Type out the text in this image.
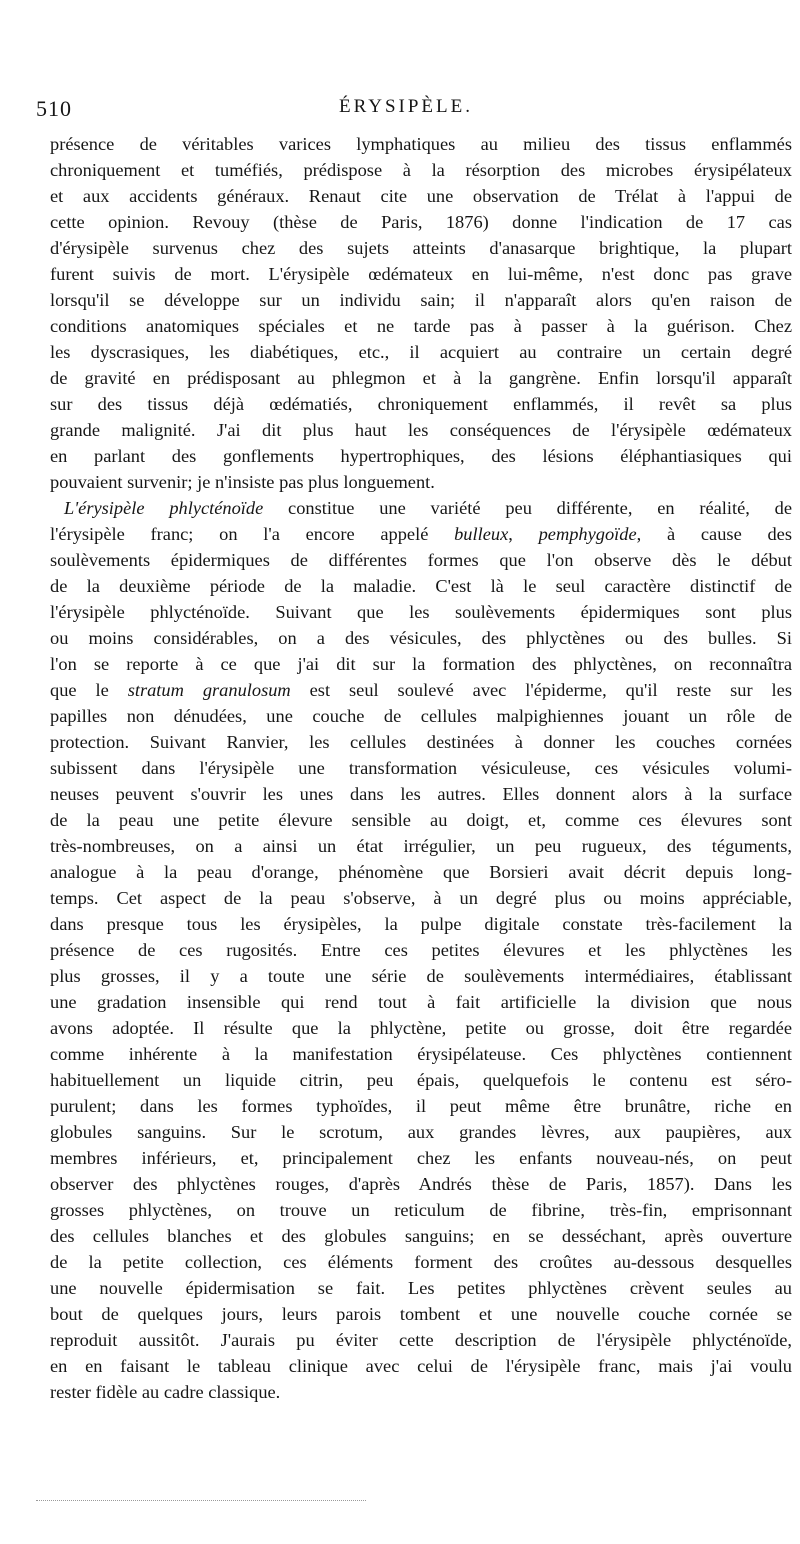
510	ÉRYSIPÈLE.
présence de véritables varices lymphatiques au milieu des tissus enflammés
chroniquement et tuméfiés, prédispose à la résorption des microbes érysipélateux
et aux accidents généraux. Renaut cite une observation de Trélat à l'appui de
cette opinion. Revouy (thèse de Paris, 1876) donne l'indication de 17 cas
d'érysipèle survenus chez des sujets atteints d'anasarque brightique, la plupart
furent suivis de mort. L'érysipèle œdémateux en lui-même, n'est donc pas grave
lorsqu'il se développe sur un individu sain; il n'apparaît alors qu'en raison de
conditions anatomiques spéciales et ne tarde pas à passer à la guérison. Chez
les dyscrasiques, les diabétiques, etc., il acquiert au contraire un certain degré
de gravité en prédisposant au phlegmon et à la gangrène. Enfin lorsqu'il apparaît
sur des tissus déjà œdématiés, chroniquement enflammés, il revêt sa plus
grande malignité. J'ai dit plus haut les conséquences de l'érysipèle œdémateux
en parlant des gonflements hypertrophiques, des lésions éléphantiasiques qui
pouvaient survenir; je n'insiste pas plus longuement.
L'érysipèle phlycténoïde constitue une variété peu différente, en réalité, de
l'érysipèle franc; on l'a encore appelé bulleux, pemphygoïde, à cause des
soulèvements épidermiques de différentes formes que l'on observe dès le début
de la deuxième période de la maladie. C'est là le seul caractère distinctif de
l'érysipèle phlycténoïde. Suivant que les soulèvements épidermiques sont plus
ou moins considérables, on a des vésicules, des phlyctènes ou des bulles. Si
l'on se reporte à ce que j'ai dit sur la formation des phlyctènes, on reconnaîtra
que le stratum granulosum est seul soulevé avec l'épiderme, qu'il reste sur les
papilles non dénudées, une couche de cellules malpighiennes jouant un rôle de
protection. Suivant Ranvier, les cellules destinées à donner les couches cornées
subissent dans l'érysipèle une transformation vésiculeuse, ces vésicules volumi-
neuses peuvent s'ouvrir les unes dans les autres. Elles donnent alors à la surface
de la peau une petite élevure sensible au doigt, et, comme ces élevures sont
très-nombreuses, on a ainsi un état irrégulier, un peu rugueux, des téguments,
analogue à la peau d'orange, phénomène que Borsieri avait décrit depuis long-
temps. Cet aspect de la peau s'observe, à un degré plus ou moins appréciable,
dans presque tous les érysipèles, la pulpe digitale constate très-facilement la
présence de ces rugosités. Entre ces petites élevures et les phlyctènes les
plus grosses, il y a toute une série de soulèvements intermédiaires, établissant
une gradation insensible qui rend tout à fait artificielle la division que nous
avons adoptée. Il résulte que la phlyctène, petite ou grosse, doit être regardée
comme inhérente à la manifestation érysipélateuse. Ces phlyctènes contiennent
habituellement un liquide citrin, peu épais, quelquefois le contenu est séro-
purulent; dans les formes typhoïdes, il peut même être brunâtre, riche en
globules sanguins. Sur le scrotum, aux grandes lèvres, aux paupières, aux
membres inférieurs, et, principalement chez les enfants nouveau-nés, on peut
observer des phlyctènes rouges, d'après Andrés thèse de Paris, 1857). Dans les
grosses phlyctènes, on trouve un reticulum de fibrine, très-fin, emprisonnant
des cellules blanches et des globules sanguins; en se desséchant, après ouverture
de la petite collection, ces éléments forment des croûtes au-dessous desquelles
une nouvelle épidermisation se fait. Les petites phlyctènes crèvent seules au
bout de quelques jours, leurs parois tombent et une nouvelle couche cornée se
reproduit aussitôt. J'aurais pu éviter cette description de l'érysipèle phlycténoïde,
en en faisant le tableau clinique avec celui de l'érysipèle franc, mais j'ai voulu
rester fidèle au cadre classique.
